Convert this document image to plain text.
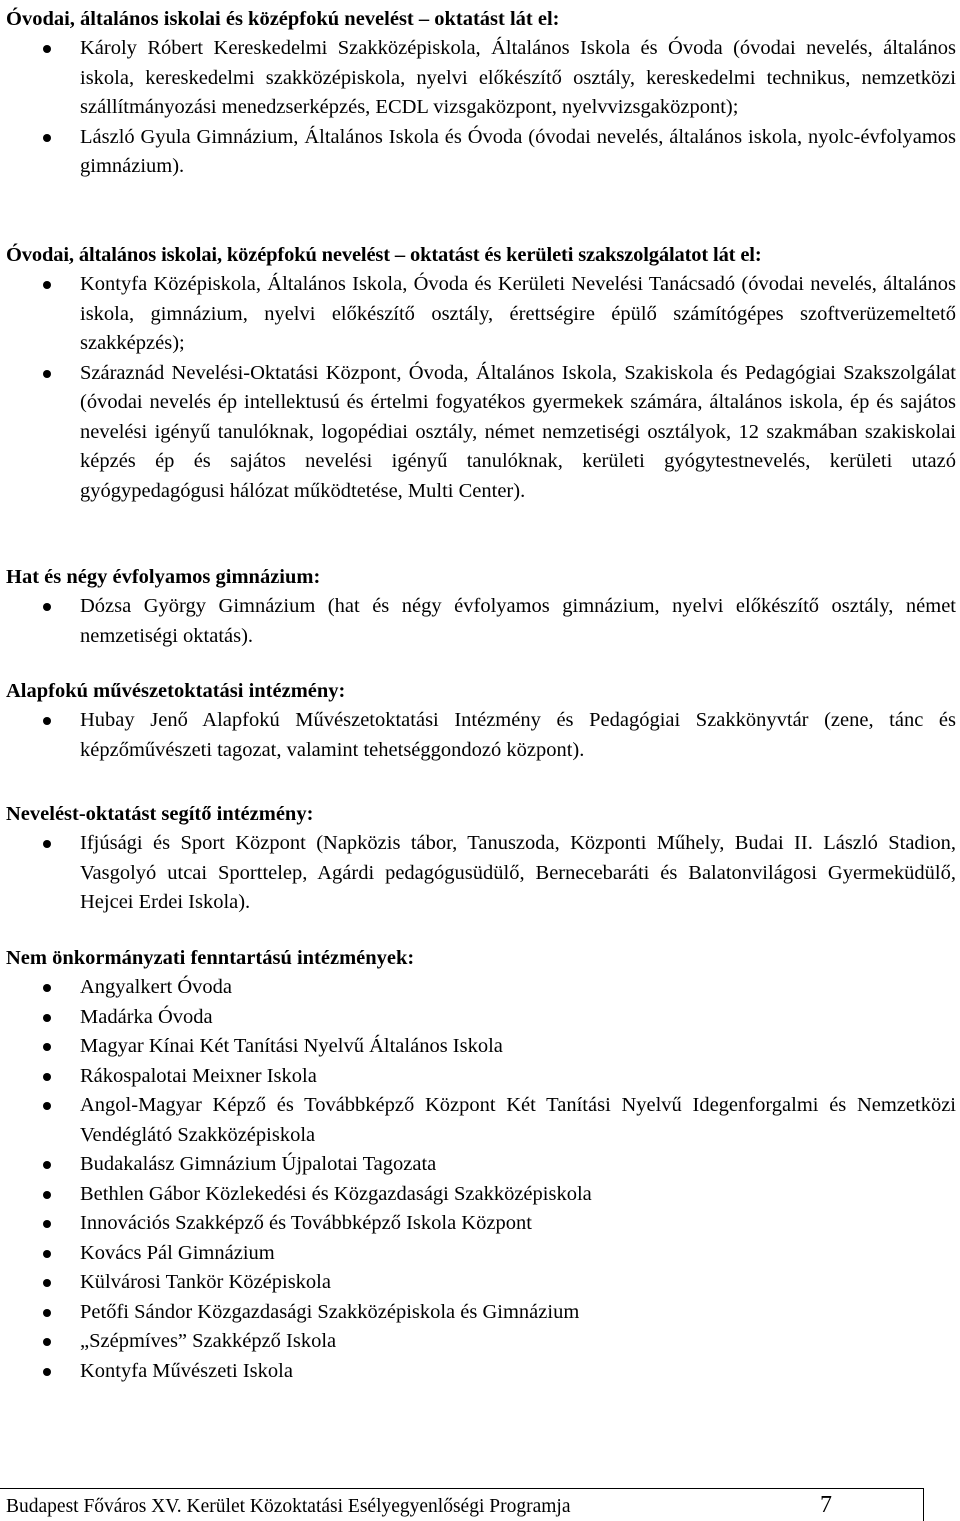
Óvodai, általános iskolai és középfokú nevelést – oktatást lát el:
Károly Róbert Kereskedelmi Szakközépiskola, Általános Iskola és Óvoda (óvodai nevelés, általános iskola, kereskedelmi szakközépiskola, nyelvi előkészítő osztály, kereskedelmi technikus, nemzetközi szállítmányozási menedzserképzés, ECDL vizsgaközpont, nyelvvizsgaközpont);
László Gyula Gimnázium, Általános Iskola és Óvoda (óvodai nevelés, általános iskola, nyolc-évfolyamos gimnázium).
Óvodai, általános iskolai, középfokú nevelést – oktatást és kerületi szakszolgálatot lát el:
Kontyfa Középiskola, Általános Iskola, Óvoda és Kerületi Nevelési Tanácsadó (óvodai nevelés, általános iskola, gimnázium, nyelvi előkészítő osztály, érettségire épülő számítógépes szoftverüzemeltető szakképzés);
Száraznád Nevelési-Oktatási Központ, Óvoda, Általános Iskola, Szakiskola és Pedagógiai Szakszolgálat (óvodai nevelés ép intellektusú és értelmi fogyatékos gyermekek számára, általános iskola, ép és sajátos nevelési igényű tanulóknak, logopédiai osztály, német nemzetiségi osztályok, 12 szakmában szakiskolai képzés ép és sajátos nevelési igényű tanulóknak, kerületi gyógytestnevelés, kerületi utazó gyógypedagógusi hálózat működtetése, Multi Center).
Hat és négy évfolyamos gimnázium:
Dózsa György Gimnázium (hat és négy évfolyamos gimnázium, nyelvi előkészítő osztály, német nemzetiségi oktatás).
Alapfokú művészetoktatási intézmény:
Hubay Jenő Alapfokú Művészetoktatási Intézmény és Pedagógiai Szakkönyvtár (zene, tánc és képzőművészeti tagozat, valamint tehetséggondozó központ).
Nevelést-oktatást segítő intézmény:
Ifjúsági és Sport Központ (Napközis tábor, Tanuszoda, Központi Műhely, Budai II. László Stadion, Vasgolyó utcai Sporttelep, Agárdi pedagógusüdülő, Bernecebaráti és Balatonvilágosi Gyermeküdülő, Hejcei Erdei Iskola).
Nem önkormányzati fenntartású intézmények:
Angyalkert Óvoda
Madárka Óvoda
Magyar Kínai Két Tanítási Nyelvű Általános Iskola
Rákospalotai Meixner Iskola
Angol-Magyar Képző és Továbbképző Központ Két Tanítási Nyelvű Idegenforgalmi és Nemzetközi Vendéglátó Szakközépiskola
Budakalász Gimnázium Újpalotai Tagozata
Bethlen Gábor Közlekedési és Közgazdasági Szakközépiskola
Innovációs Szakképző és Továbbképző Iskola Központ
Kovács Pál Gimnázium
Külvárosi Tankör Középiskola
Petőfi Sándor Közgazdasági Szakközépiskola és Gimnázium
„Szépmíves” Szakképző Iskola
Kontyfa Művészeti Iskola
Budapest Főváros XV. Kerület Közoktatási Esélyegyenlőségi Programja	7
